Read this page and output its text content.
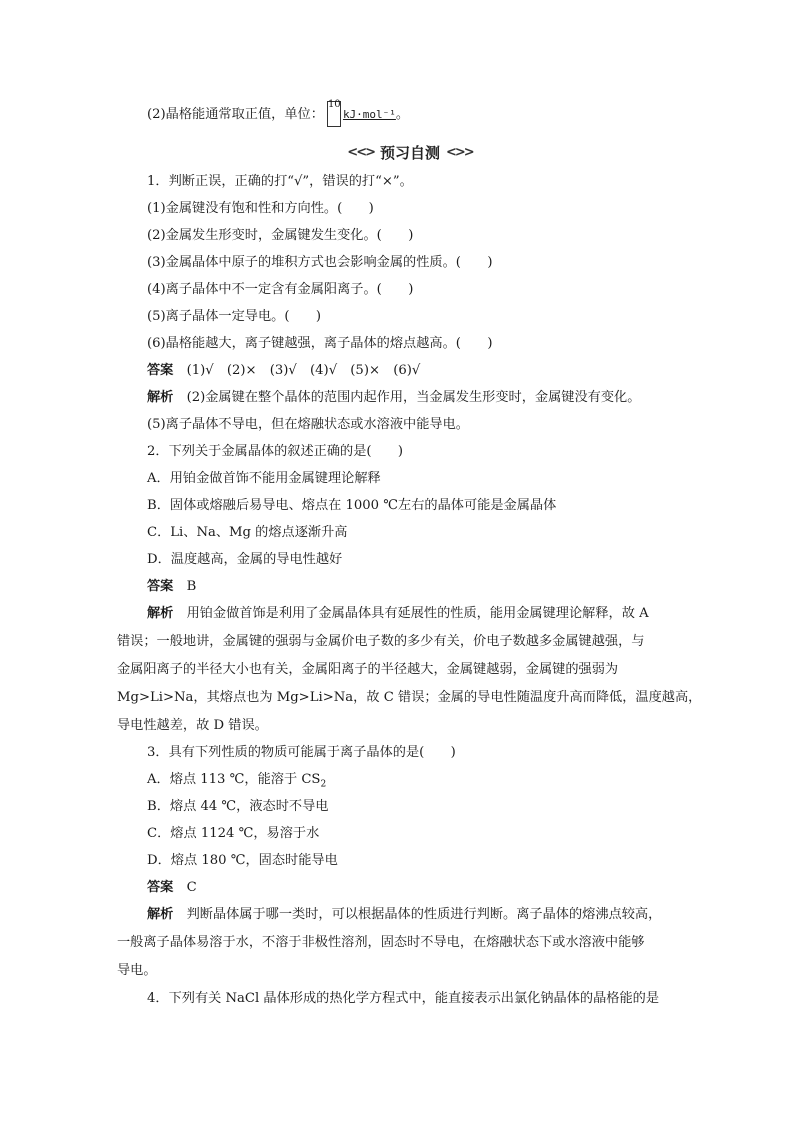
(2)晶格能通常取正值，单位：
10
kJ·mol⁻¹。
<<> 预习自测 <>>
1．判断正误，正确的打“√”，错误的打“×”。
(1)金属键没有饱和性和方向性。(　　)
(2)金属发生形变时，金属键发生变化。(　　)
(3)金属晶体中原子的堆积方式也会影响金属的性质。(　　)
(4)离子晶体中不一定含有金属阳离子。(　　)
(5)离子晶体一定导电。(　　)
(6)晶格能越大，离子键越强，离子晶体的熔点越高。(　　)
答案　 (1)√　(2)×　(3)√　(4)√　(5)×　(6)√
解析　 (2)金属键在整个晶体的范围内起作用，当金属发生形变时，金属键没有变化。
(5)离子晶体不导电，但在熔融状态或水溶液中能导电。
2．下列关于金属晶体的叙述正确的是(　　)
A．用铂金做首饰不能用金属键理论解释
B．固体或熔融后易导电、熔点在 1000 ℃左右的晶体可能是金属晶体
C．Li、Na、Mg 的熔点逐渐升高
D．温度越高，金属的导电性越好
答案　 B
解析　 用铂金做首饰是利用了金属晶体具有延展性的性质，能用金属键理论解释，故 A
错误；一般地讲，金属键的强弱与金属价电子数的多少有关，价电子数越多金属键越强，与
金属阳离子的半径大小也有关，金属阳离子的半径越大，金属键越弱，金属键的强弱为
Mg>Li>Na，其熔点也为 Mg>Li>Na，故 C 错误；金属的导电性随温度升高而降低，温度越高，
导电性越差，故 D 错误。
3．具有下列性质的物质可能属于离子晶体的是(　　)
A．熔点 113 ℃，能溶于 $CS_2$
B．熔点 44 ℃，液态时不导电
C．熔点 1124 ℃，易溶于水
D．熔点 180 ℃，固态时能导电
答案　 C
解析　 判断晶体属于哪一类时，可以根据晶体的性质进行判断。离子晶体的熔沸点较高，
一般离子晶体易溶于水，不溶于非极性溶剂，固态时不导电，在熔融状态下或水溶液中能够
导电。
4．下列有关 NaCl 晶体形成的热化学方程式中，能直接表示出氯化钠晶体的晶格能的是
